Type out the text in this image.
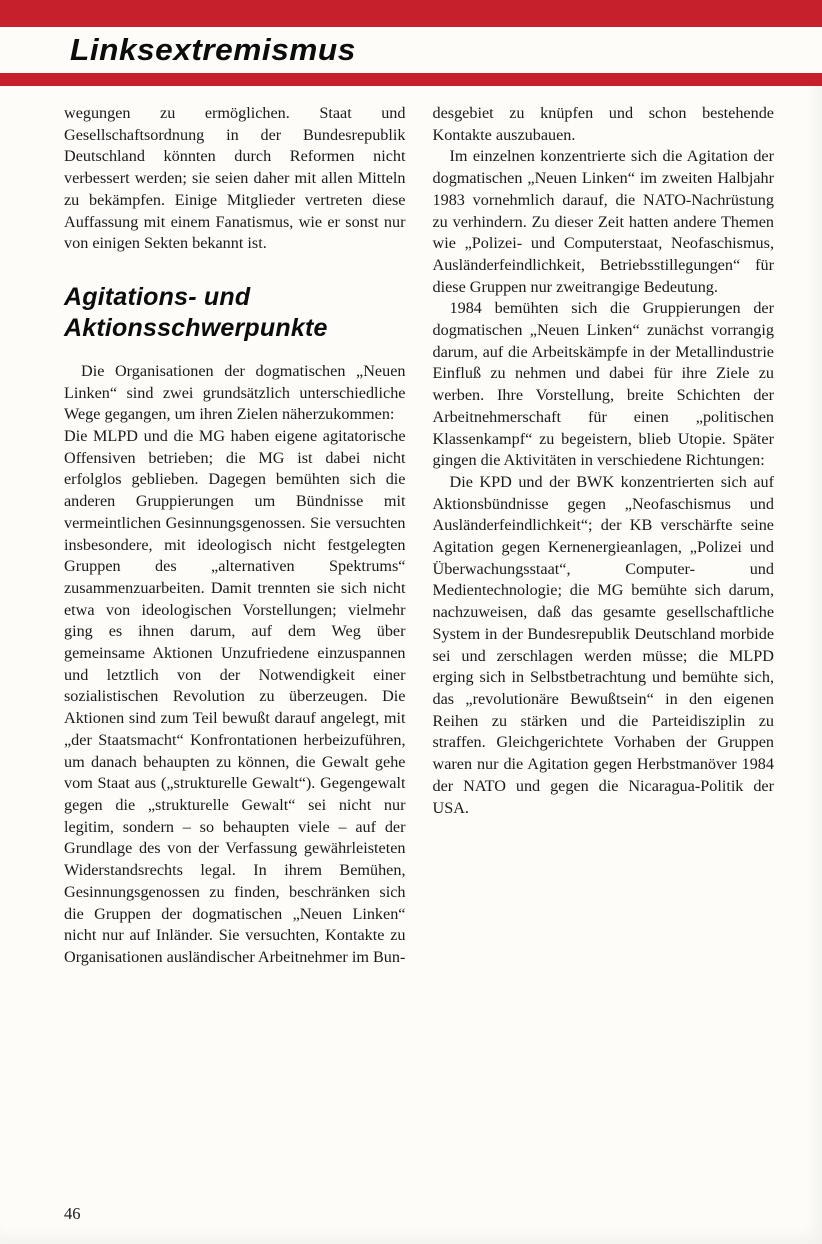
Linksextremismus

wegungen zu ermöglichen. Staat und Gesellschaftsordnung in der Bundesrepublik Deutschland könnten durch Reformen nicht verbessert werden; sie seien daher mit allen Mitteln zu bekämpfen. Einige Mitglieder vertreten diese Auffassung mit einem Fanatismus, wie er sonst nur von einigen Sekten bekannt ist.

Agitations- und
Aktionsschwerpunkte

Die Organisationen der dogmatischen „Neuen Linken“ sind zwei grundsätzlich unterschiedliche Wege gegangen, um ihren Zielen näherzukommen:

Die MLPD und die MG haben eigene agitatorische Offensiven betrieben; die MG ist dabei nicht erfolglos geblieben. Dagegen bemühten sich die anderen Gruppierungen um Bündnisse mit vermeintlichen Gesinnungsgenossen. Sie versuchten insbesondere, mit ideologisch nicht festgelegten Gruppen des „alternativen Spektrums“ zusammenzuarbeiten. Damit trennten sie sich nicht etwa von ideologischen Vorstellungen; vielmehr ging es ihnen darum, auf dem Weg über gemeinsame Aktionen Unzufriedene einzuspannen und letztlich von der Notwendigkeit einer sozialistischen Revolution zu überzeugen. Die Aktionen sind zum Teil bewußt darauf angelegt, mit „der Staatsmacht“ Konfrontationen herbeizuführen, um danach behaupten zu können, die Gewalt gehe vom Staat aus („strukturelle Gewalt“). Gegengewalt gegen die „strukturelle Gewalt“ sei nicht nur legitim, sondern – so behaupten viele – auf der Grundlage des von der Verfassung gewährleisteten Widerstandsrechts legal. In ihrem Bemühen, Gesinnungsgenossen zu finden, beschränken sich die Gruppen der dogmatischen „Neuen Linken“ nicht nur auf Inländer. Sie versuchten, Kontakte zu Organisationen ausländischer Arbeitnehmer im Bun-

desgebiet zu knüpfen und schon bestehende Kontakte auszubauen.

Im einzelnen konzentrierte sich die Agitation der dogmatischen „Neuen Linken“ im zweiten Halbjahr 1983 vornehmlich darauf, die NATO-Nachrüstung zu verhindern. Zu dieser Zeit hatten andere Themen wie „Polizei- und Computerstaat, Neofaschismus, Ausländerfeindlichkeit, Betriebsstillegungen“ für diese Gruppen nur zweitrangige Bedeutung.

1984 bemühten sich die Gruppierungen der dogmatischen „Neuen Linken“ zunächst vorrangig darum, auf die Arbeitskämpfe in der Metallindustrie Einfluß zu nehmen und dabei für ihre Ziele zu werben. Ihre Vorstellung, breite Schichten der Arbeitnehmerschaft für einen „politischen Klassenkampf“ zu begeistern, blieb Utopie. Später gingen die Aktivitäten in verschiedene Richtungen:

Die KPD und der BWK konzentrierten sich auf Aktionsbündnisse gegen „Neofaschismus und Ausländerfeindlichkeit“; der KB verschärfte seine Agitation gegen Kernenergieanlagen, „Polizei und Überwachungsstaat“, Computer- und Medientechnologie; die MG bemühte sich darum, nachzuweisen, daß das gesamte gesellschaftliche System in der Bundesrepublik Deutschland morbide sei und zerschlagen werden müsse; die MLPD erging sich in Selbstbetrachtung und bemühte sich, das „revolutionäre Bewußtsein“ in den eigenen Reihen zu stärken und die Parteidisziplin zu straffen. Gleichgerichtete Vorhaben der Gruppen waren nur die Agitation gegen Herbstmanöver 1984 der NATO und gegen die Nicaragua-Politik der USA.

46
